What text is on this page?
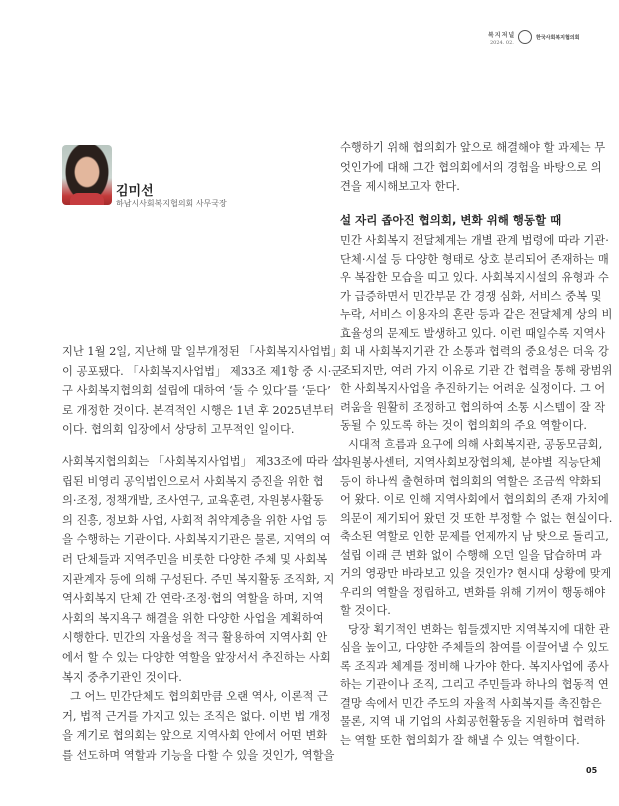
복지저널
2024. 02.
한국사회복지협의회
김미선
하남시사회복지협의회 사무국장
지난 1월 2일, 지난해 말 일부개정된 「사회복지사업법」
이 공포됐다. 「사회복지사업법」 제33조 제1항 중 시·군·
구 사회복지협의회 설립에 대하여 ‘둘 수 있다’를 ‘둔다’
로 개정한 것이다. 본격적인 시행은 1년 후 2025년부터
이다. 협의회 입장에서 상당히 고무적인 일이다.
사회복지협의회는 「사회복지사업법」 제33조에 따라 설
립된 비영리 공익법인으로서 사회복지 증진을 위한 협
의·조정, 정책개발, 조사연구, 교육훈련, 자원봉사활동
의 진흥, 정보화 사업, 사회적 취약계층을 위한 사업 등
을 수행하는 기관이다. 사회복지기관은 물론, 지역의 여
러 단체들과 지역주민을 비롯한 다양한 주체 및 사회복
지관계자 등에 의해 구성된다. 주민 복지활동 조직화, 지
역사회복지 단체 간 연락·조정·협의 역할을 하며, 지역
사회의 복지욕구 해결을 위한 다양한 사업을 계획하여
시행한다. 민간의 자율성을 적극 활용하여 지역사회 안
에서 할 수 있는 다양한 역할을 앞장서서 추진하는 사회
복지 중추기관인 것이다.
그 어느 민간단체도 협의회만큼 오랜 역사, 이론적 근
거, 법적 근거를 가지고 있는 조직은 없다. 이번 법 개정
을 계기로 협의회는 앞으로 지역사회 안에서 어떤 변화
를 선도하며 역할과 기능을 다할 수 있을 것인가, 역할을
수행하기 위해 협의회가 앞으로 해결해야 할 과제는 무
엇인가에 대해 그간 협의회에서의 경험을 바탕으로 의
견을 제시해보고자 한다.
설 자리 좁아진 협의회, 변화 위해 행동할 때
민간 사회복지 전달체계는 개별 관계 법령에 따라 기관·
단체·시설 등 다양한 형태로 상호 분리되어 존재하는 매
우 복잡한 모습을 띠고 있다. 사회복지시설의 유형과 수
가 급증하면서 민간부문 간 경쟁 심화, 서비스 중복 및
누락, 서비스 이용자의 혼란 등과 같은 전달체계 상의 비
효율성의 문제도 발생하고 있다. 이런 때일수록 지역사
회 내 사회복지기관 간 소통과 협력의 중요성은 더욱 강
조되지만, 여러 가지 이유로 기관 간 협력을 통해 광범위
한 사회복지사업을 추진하기는 어려운 실정이다. 그 어
려움을 원활히 조정하고 협의하여 소통 시스템이 잘 작
동될 수 있도록 하는 것이 협의회의 주요 역할이다.
시대적 흐름과 요구에 의해 사회복지관, 공동모금회,
자원봉사센터, 지역사회보장협의체, 분야별 직능단체
등이 하나씩 출현하며 협의회의 역할은 조금씩 약화되
어 왔다. 이로 인해 지역사회에서 협의회의 존재 가치에
의문이 제기되어 왔던 것 또한 부정할 수 없는 현실이다.
축소된 역할로 인한 문제를 언제까지 남 탓으로 돌리고,
설립 이래 큰 변화 없이 수행해 오던 일을 답습하며 과
거의 영광만 바라보고 있을 것인가? 현시대 상황에 맞게
우리의 역할을 정립하고, 변화를 위해 기꺼이 행동해야
할 것이다.
당장 획기적인 변화는 힘들겠지만 지역복지에 대한 관
심을 높이고, 다양한 주체들의 참여를 이끌어낼 수 있도
록 조직과 체계를 정비해 나가야 한다. 복지사업에 종사
하는 기관이나 조직, 그리고 주민들과 하나의 협동적 연
결망 속에서 민간 주도의 자율적 사회복지를 촉진함은
물론, 지역 내 기업의 사회공헌활동을 지원하며 협력하
는 역할 또한 협의회가 잘 해낼 수 있는 역할이다.
05
